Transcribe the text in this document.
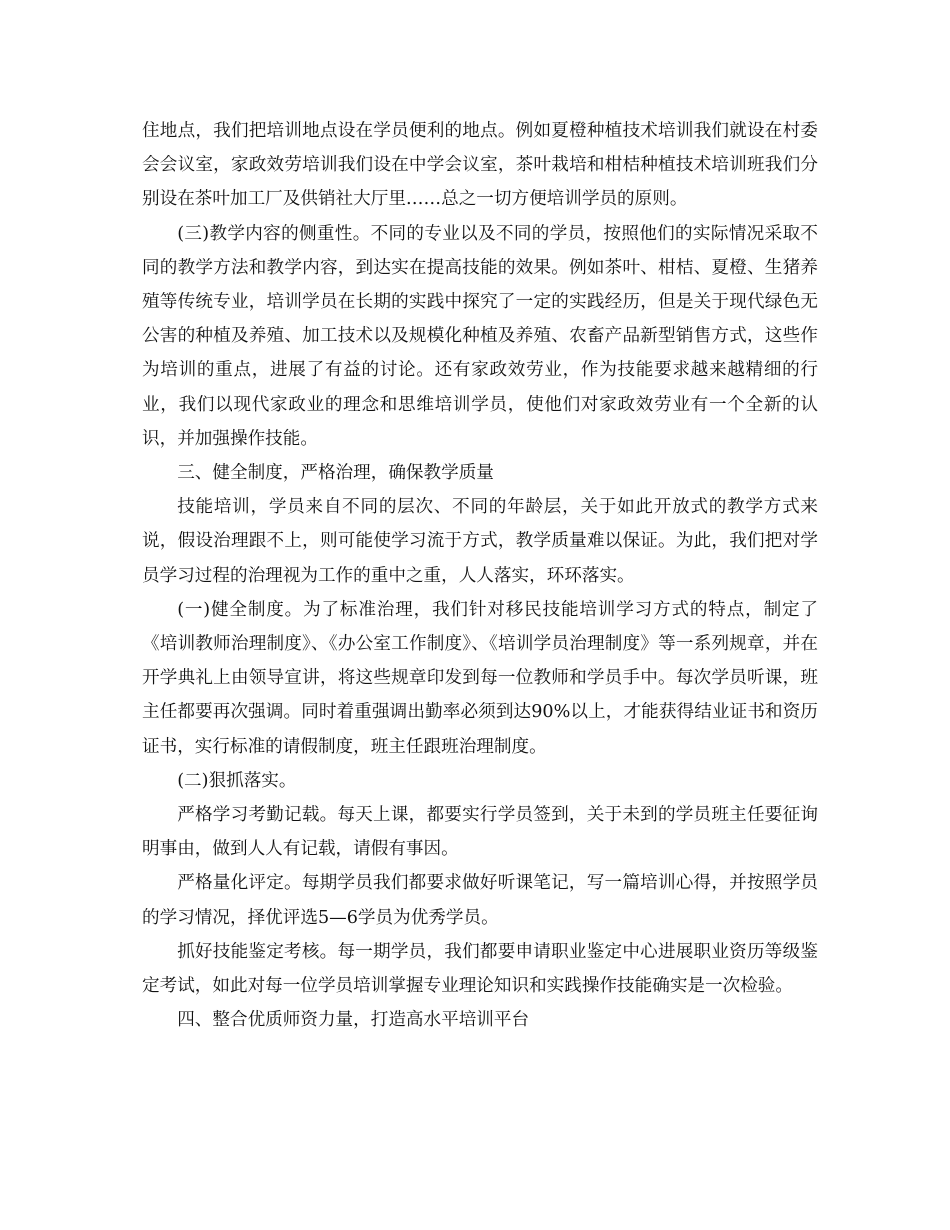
住地点，我们把培训地点设在学员便利的地点。例如夏橙种植技术培训我们就设在村委会会议室，家政效劳培训我们设在中学会议室，茶叶栽培和柑桔种植技术培训班我们分别设在茶叶加工厂及供销社大厅里……总之一切方便培训学员的原则。

(三)教学内容的侧重性。不同的专业以及不同的学员，按照他们的实际情况采取不同的教学方法和教学内容，到达实在提高技能的效果。例如茶叶、柑桔、夏橙、生猪养殖等传统专业，培训学员在长期的实践中探究了一定的实践经历，但是关于现代绿色无公害的种植及养殖、加工技术以及规模化种植及养殖、农畜产品新型销售方式，这些作为培训的重点，进展了有益的讨论。还有家政效劳业，作为技能要求越来越精细的行业，我们以现代家政业的理念和思维培训学员，使他们对家政效劳业有一个全新的认识，并加强操作技能。

三、健全制度，严格治理，确保教学质量

技能培训，学员来自不同的层次、不同的年龄层，关于如此开放式的教学方式来说，假设治理跟不上，则可能使学习流于方式，教学质量难以保证。为此，我们把对学员学习过程的治理视为工作的重中之重，人人落实，环环落实。

(一)健全制度。为了标准治理，我们针对移民技能培训学习方式的特点，制定了《培训教师治理制度》、《办公室工作制度》、《培训学员治理制度》等一系列规章，并在开学典礼上由领导宣讲，将这些规章印发到每一位教师和学员手中。每次学员听课，班主任都要再次强调。同时着重强调出勤率必须到达90%以上，才能获得结业证书和资历证书，实行标准的请假制度，班主任跟班治理制度。

(二)狠抓落实。

严格学习考勤记载。每天上课，都要实行学员签到，关于未到的学员班主任要征询明事由，做到人人有记载，请假有事因。

严格量化评定。每期学员我们都要求做好听课笔记，写一篇培训心得，并按照学员的学习情况，择优评选5—6学员为优秀学员。

抓好技能鉴定考核。每一期学员，我们都要申请职业鉴定中心进展职业资历等级鉴定考试，如此对每一位学员培训掌握专业理论知识和实践操作技能确实是一次检验。

四、整合优质师资力量，打造高水平培训平台
